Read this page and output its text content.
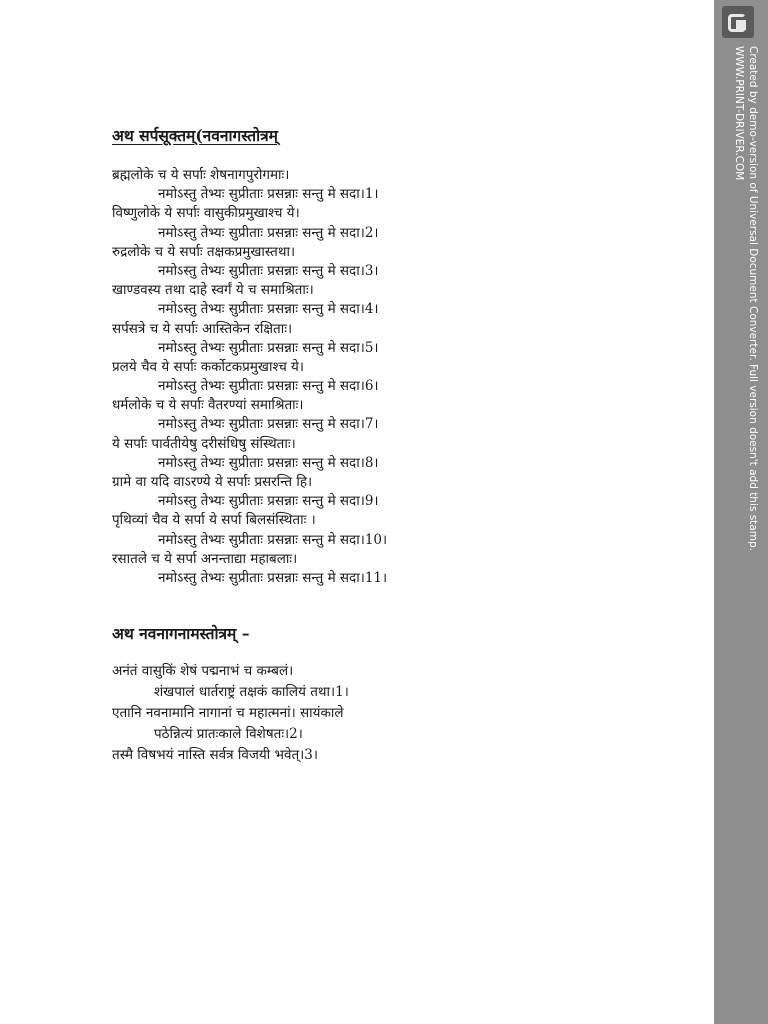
अथ सर्पसूक्तम्(नवनागस्तोत्रम्
ब्रह्मलोके च ये सर्पाः शेषनागपुरोगमाः।
नमोऽस्तु तेभ्यः सुप्रीताः प्रसन्नाः सन्तु मे सदा।1।
विष्णुलोके ये सर्पाः वासुकीप्रमुखाश्च ये।
नमोऽस्तु तेभ्यः सुप्रीताः प्रसन्नाः सन्तु मे सदा।2।
रुद्रलोके च ये सर्पाः तक्षकप्रमुखास्तथा।
नमोऽस्तु तेभ्यः सुप्रीताः प्रसन्नाः सन्तु मे सदा।3।
खाण्डवस्य तथा दाहे स्वर्गं ये च समाश्रिताः।
नमोऽस्तु तेभ्यः सुप्रीताः प्रसन्नाः सन्तु मे सदा।4।
सर्पसत्रे च ये सर्पाः आस्तिकेन रक्षिताः।
नमोऽस्तु तेभ्यः सुप्रीताः प्रसन्नाः सन्तु मे सदा।5।
प्रलये चैव ये सर्पाः कर्कोटकप्रमुखाश्च ये।
नमोऽस्तु तेभ्यः सुप्रीताः प्रसन्नाः सन्तु मे सदा।6।
धर्मलोके च ये सर्पाः वैतरण्यां समाश्रिताः।
नमोऽस्तु तेभ्यः सुप्रीताः प्रसन्नाः सन्तु मे सदा।7।
ये सर्पाः पार्वतीयेषु दरीसंधिषु संस्थिताः।
नमोऽस्तु तेभ्यः सुप्रीताः प्रसन्नाः सन्तु मे सदा।8।
ग्रामे वा यदि वाऽरण्ये ये सर्पाः प्रसरन्ति हि।
नमोऽस्तु तेभ्यः सुप्रीताः प्रसन्नाः सन्तु मे सदा।9।
पृथिव्यां चैव ये सर्पा ये सर्पा बिलसंस्थिताः ।
नमोऽस्तु तेभ्यः सुप्रीताः प्रसन्नाः सन्तु मे सदा।10।
रसातले च ये सर्पा अनन्ताद्या महाबलाः।
नमोऽस्तु तेभ्यः सुप्रीताः प्रसन्नाः सन्तु मे सदा।11।
अथ नवनागनामस्तोत्रम् –
अनंतं वासुकिं शेषं पद्मनाभं च कम्बलं।
शंखपालं धार्तराष्ट्रं तक्षकं कालियं तथा।1।
एतानि नवनामानि नागानां च महात्मनां। सायंकाले
पठेन्नित्यं प्रातःकाले विशेषतः।2।
तस्मै विषभयं नास्ति सर्वत्र विजयी भवेत्।3।
Created by demo-version of Universal Document Converter. Full version doesn't add this stamp.
WWW.PRINT-DRIVER.COM
